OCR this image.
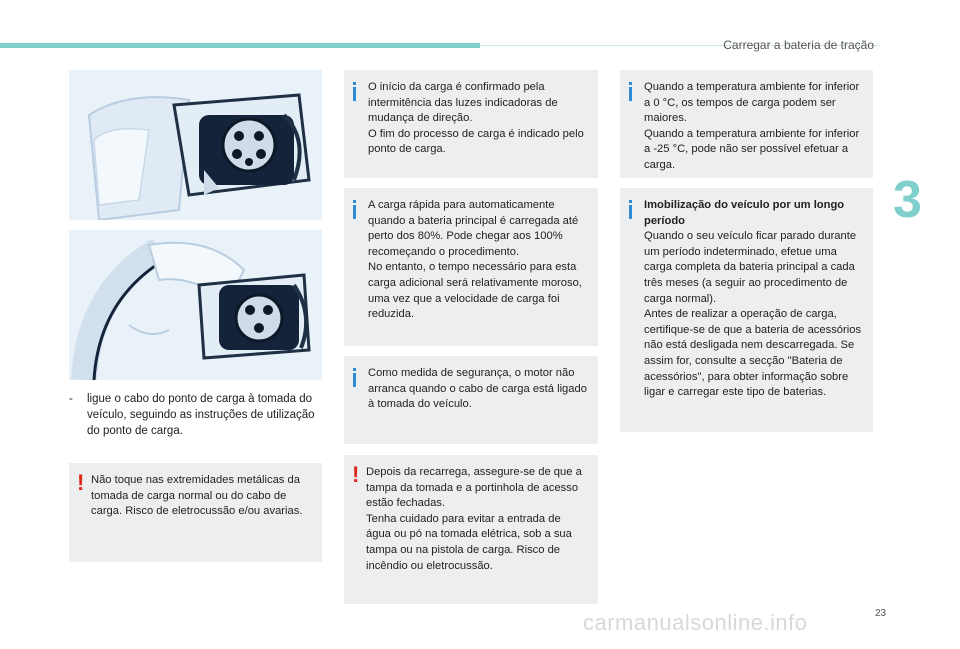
Carregar a bateria de tração
3
- ligue o cabo do ponto de carga à tomada do veículo, seguindo as instruções de utilização do ponto de carga.
! Não toque nas extremidades metálicas da tomada de carga normal ou do cabo de carga. Risco de eletrocussão e/ou avarias.

O início da carga é confirmado pela intermitência das luzes indicadoras de mudança de direção.
O fim do processo de carga é indicado pelo ponto de carga.

A carga rápida para automaticamente quando a bateria principal é carregada até perto dos 80%. Pode chegar aos 100% recomeçando o procedimento.
No entanto, o tempo necessário para esta carga adicional será relativamente moroso, uma vez que a velocidade de carga foi reduzida.

Como medida de segurança, o motor não arranca quando o cabo de carga está ligado à tomada do veículo.

! Depois da recarrega, assegure-se de que a tampa da tomada e a portinhola de acesso estão fechadas.
Tenha cuidado para evitar a entrada de água ou pó na tomada elétrica, sob a sua tampa ou na pistola de carga. Risco de incêndio ou eletrocussão.

Quando a temperatura ambiente for inferior a 0 °C, os tempos de carga podem ser maiores.
Quando a temperatura ambiente for inferior a -25 °C, pode não ser possível efetuar a carga.

Imobilização do veículo por um longo período

Quando o seu veículo ficar parado durante um período indeterminado, efetue uma carga completa da bateria principal a cada três meses (a seguir ao procedimento de carga normal).
Antes de realizar a operação de carga, certifique-se de que a bateria de acessórios não está desligada nem descarregada. Se assim for, consulte a secção "Bateria de acessórios", para obter informação sobre ligar e carregar este tipo de baterias.

23
carmanualsonline.info
